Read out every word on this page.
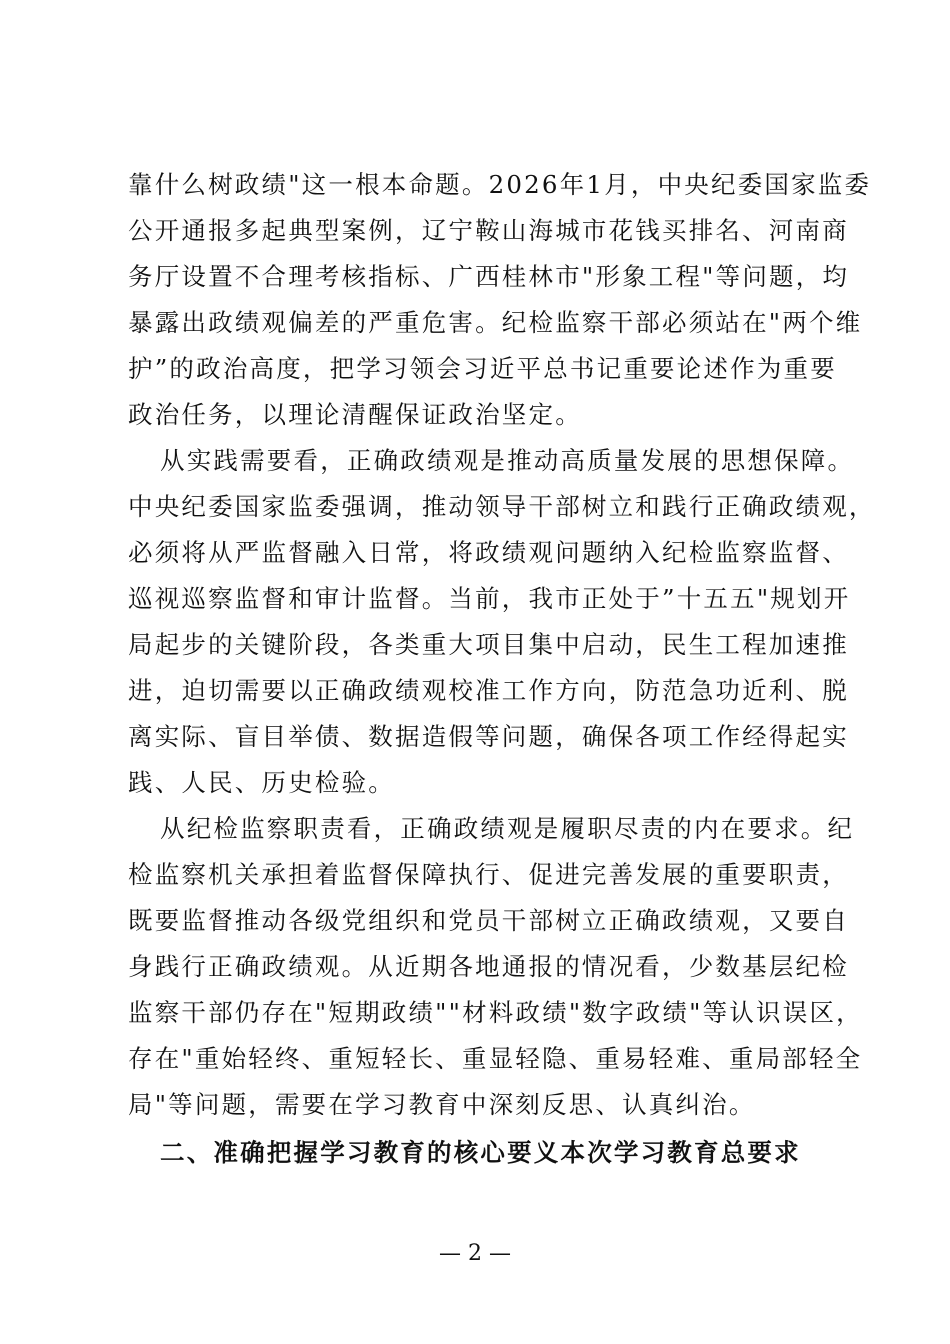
靠什么树政绩"这一根本命题。2026年1月，中央纪委国家监委
公开通报多起典型案例，辽宁鞍山海城市花钱买排名、河南商
务厅设置不合理考核指标、广西桂林市"形象工程"等问题，均
暴露出政绩观偏差的严重危害。纪检监察干部必须站在"两个维
护”的政治高度，把学习领会习近平总书记重要论述作为重要
政治任务，以理论清醒保证政治坚定。
从实践需要看，正确政绩观是推动高质量发展的思想保障。
中央纪委国家监委强调，推动领导干部树立和践行正确政绩观，
必须将从严监督融入日常，将政绩观问题纳入纪检监察监督、
巡视巡察监督和审计监督。当前，我市正处于”十五五"规划开
局起步的关键阶段，各类重大项目集中启动，民生工程加速推
进，迫切需要以正确政绩观校准工作方向，防范急功近利、脱
离实际、盲目举债、数据造假等问题，确保各项工作经得起实
践、人民、历史检验。
从纪检监察职责看，正确政绩观是履职尽责的内在要求。纪
检监察机关承担着监督保障执行、促进完善发展的重要职责，
既要监督推动各级党组织和党员干部树立正确政绩观，又要自
身践行正确政绩观。从近期各地通报的情况看，少数基层纪检
监察干部仍存在"短期政绩""材料政绩"数字政绩"等认识误区，
存在"重始轻终、重短轻长、重显轻隐、重易轻难、重局部轻全
局"等问题，需要在学习教育中深刻反思、认真纠治。
二、准确把握学习教育的核心要义本次学习教育总要求
— 2 —
